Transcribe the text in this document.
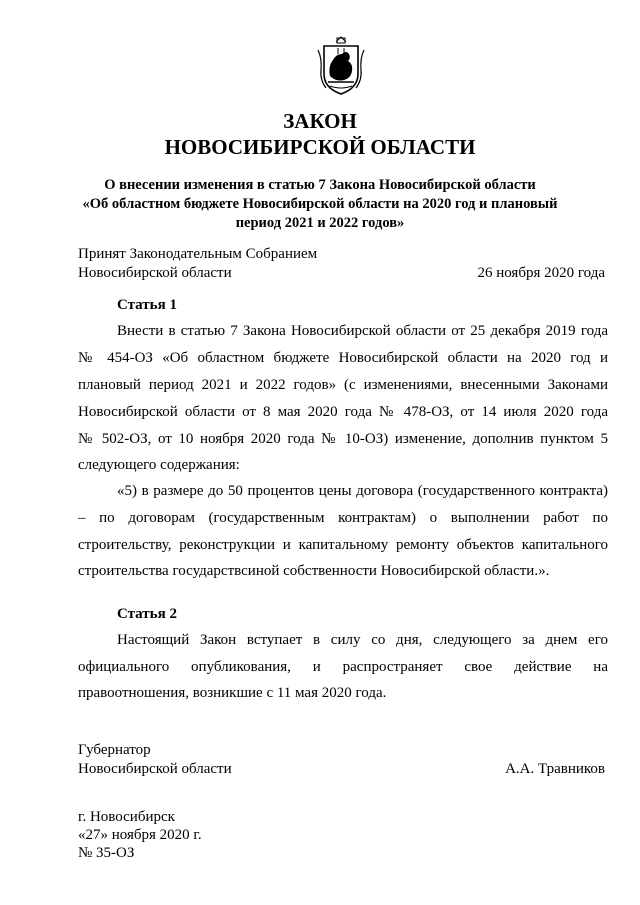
ЗАКОН
НОВОСИБИРСКОЙ ОБЛАСТИ
О внесении изменения в статью 7 Закона Новосибирской области
«Об областном бюджете Новосибирской области на 2020 год и плановый
период 2021 и 2022 годов»
Принят Законодательным Собранием
Новосибирской области	26 ноября 2020 года
Статья 1
Внести в статью 7 Закона Новосибирской области от 25 декабря 2019 года
№ 454-ОЗ «Об областном бюджете Новосибирской области на 2020 год и
плановый период 2021 и 2022 годов» (с изменениями, внесенными Законами
Новосибирской области от 8 мая 2020 года № 478-ОЗ, от 14 июля 2020 года
№ 502-ОЗ, от 10 ноября 2020 года № 10-ОЗ) изменение, дополнив пунктом 5
следующего содержания:
«5) в размере до 50 процентов цены договора (государственного контракта)
– по договорам (государственным контрактам) о выполнении работ по
строительству, реконструкции и капитальному ремонту объектов капитального
строительства государствсиной собственности Новосибирской области.».
Статья 2
Настоящий Закон вступает в силу со дня, следующего за днем его
официального опубликования, и распространяет свое действие на
правоотношения, возникшие с 11 мая 2020 года.
Губернатор
Новосибирской области	А.А. Травников
г. Новосибирск
«27» ноября 2020 г.
№ 35-ОЗ
